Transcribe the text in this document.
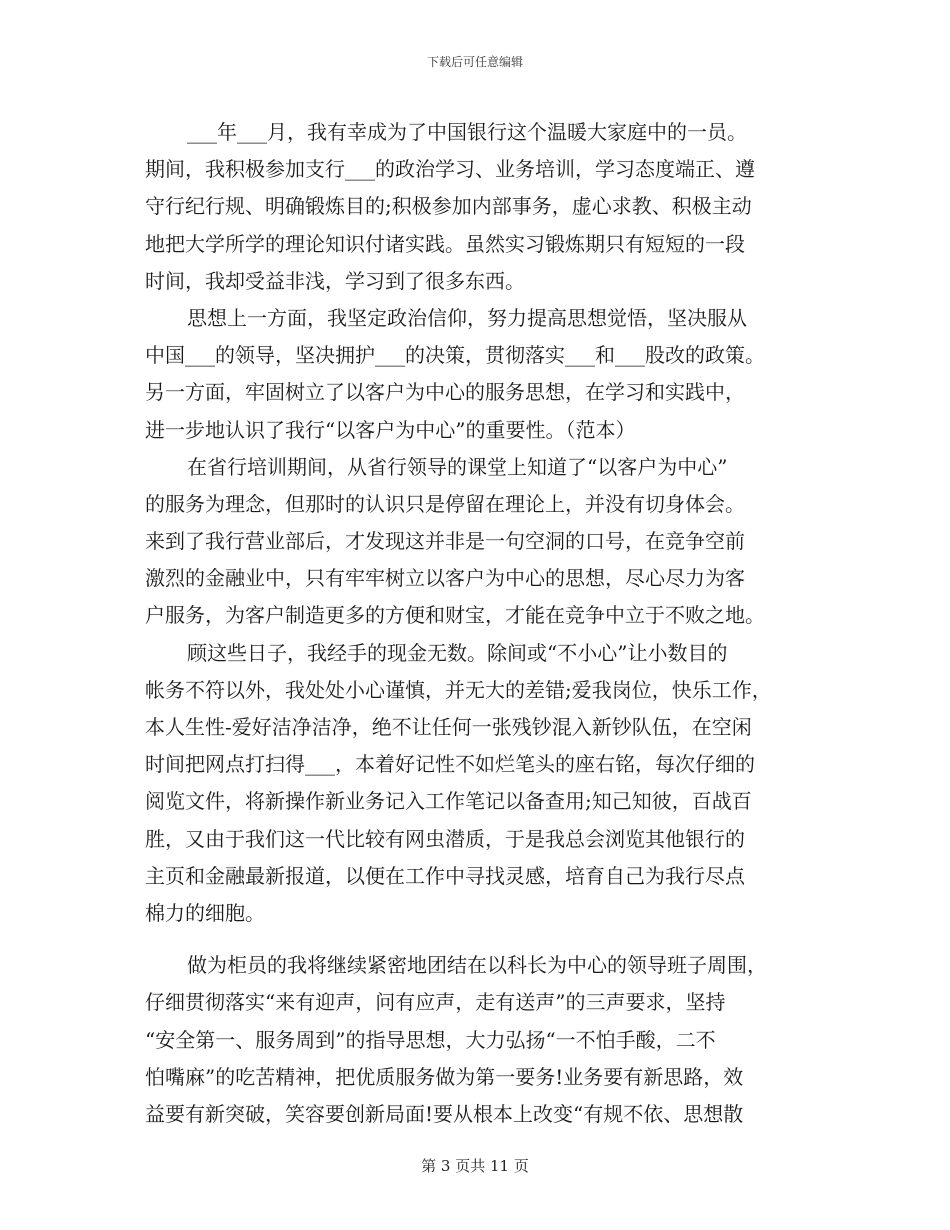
下载后可任意编辑
___年___月，我有幸成为了中国银行这个温暖大家庭中的一员。
期间，我积极参加支行___的政治学习、业务培训，学习态度端正、遵
守行纪行规、明确锻炼目的;积极参加内部事务，虚心求教、积极主动
地把大学所学的理论知识付诸实践。虽然实习锻炼期只有短短的一段
时间，我却受益非浅，学习到了很多东西。
思想上一方面，我坚定政治信仰，努力提高思想觉悟，坚决服从
中国___的领导，坚决拥护___的决策，贯彻落实___和___股改的政策。
另一方面，牢固树立了以客户为中心的服务思想，在学习和实践中，
进一步地认识了我行“以客户为中心”的重要性。（范本）
在省行培训期间，从省行领导的课堂上知道了“以客户为中心”
的服务为理念，但那时的认识只是停留在理论上，并没有切身体会。
来到了我行营业部后，才发现这并非是一句空洞的口号，在竞争空前
激烈的金融业中，只有牢牢树立以客户为中心的思想，尽心尽力为客
户服务，为客户制造更多的方便和财宝，才能在竞争中立于不败之地。
顾这些日子，我经手的现金无数。除间或“不小心”让小数目的
帐务不符以外，我处处小心谨慎，并无大的差错;爱我岗位，快乐工作，
本人生性-爱好洁净洁净，绝不让任何一张残钞混入新钞队伍，在空闲
时间把网点打扫得___，本着好记性不如烂笔头的座右铭，每次仔细的
阅览文件，将新操作新业务记入工作笔记以备查用;知己知彼，百战百
胜，又由于我们这一代比较有网虫潜质，于是我总会浏览其他银行的
主页和金融最新报道，以便在工作中寻找灵感，培育自己为我行尽点
棉力的细胞。
做为柜员的我将继续紧密地团结在以科长为中心的领导班子周围，
仔细贯彻落实“来有迎声，问有应声，走有送声”的三声要求，坚持
“安全第一、服务周到”的指导思想，大力弘扬“一不怕手酸，二不
怕嘴麻”的吃苦精神，把优质服务做为第一要务!业务要有新思路，效
益要有新突破，笑容要创新局面!要从根本上改变“有规不依、思想散
第 3 页共 11 页
